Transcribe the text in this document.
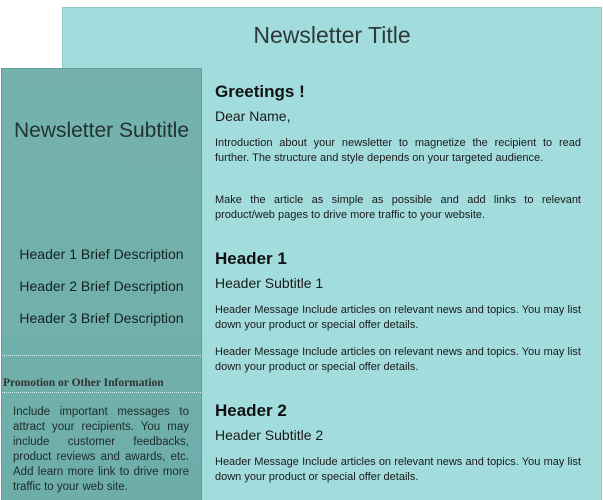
Newsletter Title
Newsletter Subtitle
Header 1 Brief Description
Header 2 Brief Description
Header 3 Brief Description
Promotion or Other Information
Include important messages to attract your recipients. You may include customer feedbacks, product reviews and awards, etc. Add learn more link to drive more traffic to your web site.
Greetings !
Dear Name,
Introduction about your newsletter to magnetize the recipient to read further. The structure and style depends on your targeted audience.
Make the article as simple as possible and add links to relevant product/web pages to drive more traffic to your website.
Header 1
Header Subtitle 1
Header Message Include articles on relevant news and topics. You may list down your product or special offer details.
Header Message Include articles on relevant news and topics. You may list down your product or special offer details.
Header 2
Header Subtitle 2
Header Message Include articles on relevant news and topics. You may list down your product or special offer details.
